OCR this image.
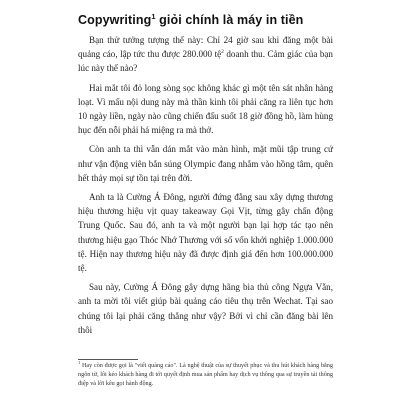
Copywriting$^1$ giỏi chính là máy in tiền

Bạn thử tưởng tượng thế này: Chỉ 24 giờ sau khi đăng một bài quảng cáo, lập tức thu được 280.000 tệ$^2$ doanh thu. Cảm giác của bạn lúc này thế nào?

Hai mắt tôi đỏ long sòng sọc không khác gì một tên sát nhân hàng loạt. Vì mấu nội dung này mà thần kinh tôi phải căng ra liên tục hơn 10 ngày liền, ngày nào cũng chiến đấu suốt 18 giờ đồng hồ, làm hùng hục đến nỗi phải há miệng ra mà thở.

Còn anh ta thì vẫn dán mắt vào màn hình, mặt mũi tập trung cứ như vận động viên bắn súng Olympic đang nhắm vào hồng tâm, quên hết thảy mọi sự tồn tại trên đời.

Anh ta là Cường Á Đông, người đứng đằng sau xây dựng thương hiệu thương hiệu vịt quay takeaway Gọi Vịt, từng gây chấn động Trung Quốc. Sau đó, anh ta và một người bạn lại hợp tác tạo nên thương hiệu gạo Thóc Nhớ Thương với số vốn khởi nghiệp 1.000.000 tệ. Hiện nay thương hiệu này đã được định giá đến hơn 100.000.000 tệ.

Sau này, Cường Á Đông gây dựng hãng bia thủ công Ngựa Vằn, anh ta mời tôi viết giúp bài quảng cáo tiêu thụ trên Wechat. Tại sao chúng tôi lại phải căng thẳng như vậy? Bởi vì chỉ cần đăng bài lên thôi

$^1$ Hay còn được gọi là "viết quảng cáo". Là nghệ thuật của sự thuyết phục và thu hút khách hàng bằng ngôn từ, lôi kéo khách hàng đi tới quyết định mua sản phẩm hay dịch vụ thông qua sự truyền tải thông điệp và lời kêu gọi hành động.
